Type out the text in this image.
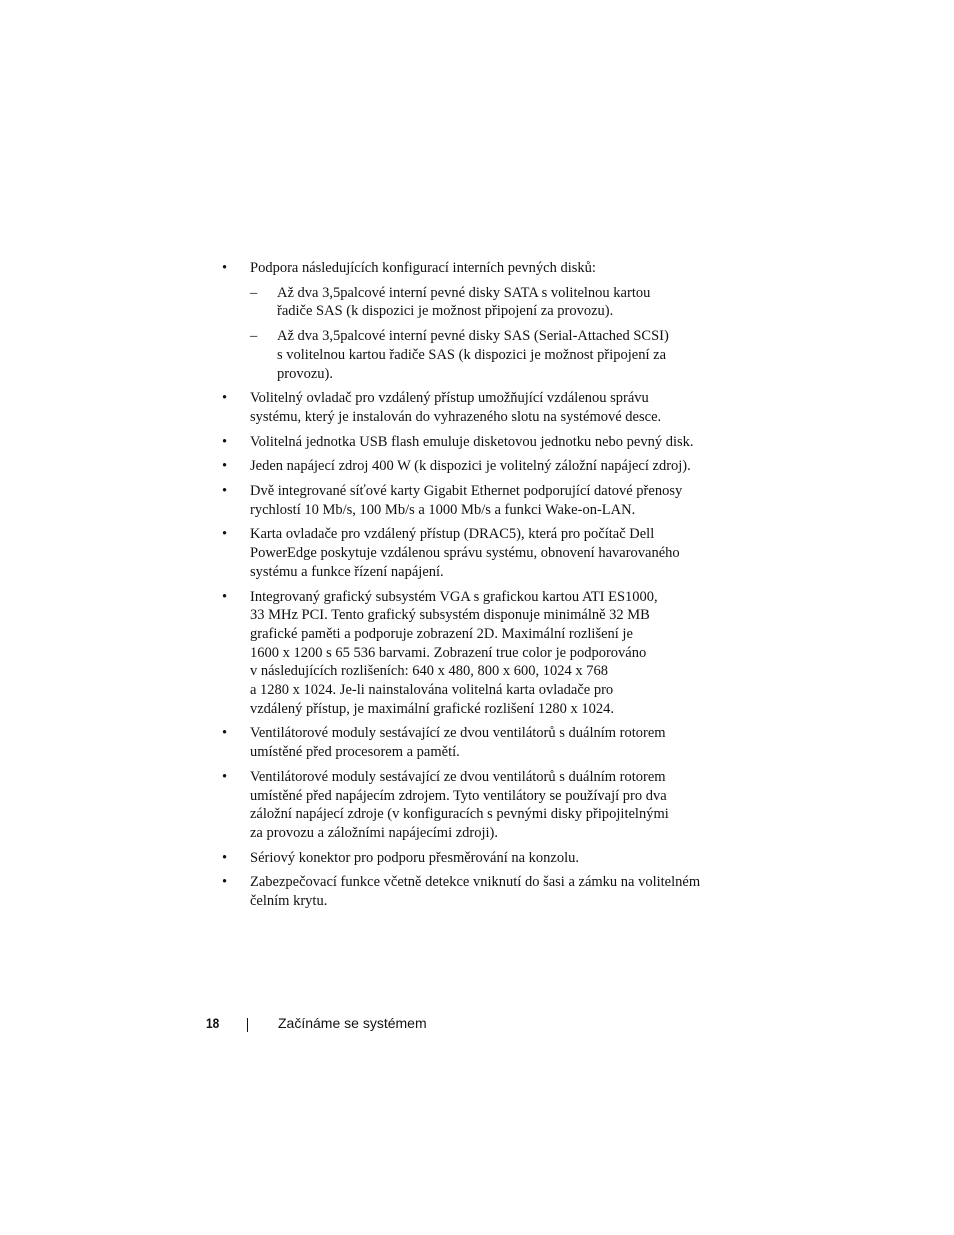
•	Podpora následujících konfigurací interních pevných disků:
– Až dva 3,5palcové interní pevné disky SATA s volitelnou kartou
řadiče SAS (k dispozici je možnost připojení za provozu).
– Až dva 3,5palcové interní pevné disky SAS (Serial-Attached SCSI)
s volitelnou kartou řadiče SAS (k dispozici je možnost připojení za
provozu).
•	Volitelný ovladač pro vzdálený přístup umožňující vzdálenou správu
systému, který je instalován do vyhrazeného slotu na systémové desce.
•	Volitelná jednotka USB flash emuluje disketovou jednotku nebo pevný disk.
•	Jeden napájecí zdroj 400 W (k dispozici je volitelný záložní napájecí zdroj).
•	Dvě integrované síťové karty Gigabit Ethernet podporující datové přenosy
rychlostí 10 Mb/s, 100 Mb/s a 1000 Mb/s a funkci Wake-on-LAN.
•	Karta ovladače pro vzdálený přístup (DRAC5), která pro počítač Dell
PowerEdge poskytuje vzdálenou správu systému, obnovení havarovaného
systému a funkce řízení napájení.
•	Integrovaný grafický subsystém VGA s grafickou kartou ATI ES1000,
33 MHz PCI. Tento grafický subsystém disponuje minimálně 32 MB
grafické paměti a podporuje zobrazení 2D. Maximální rozlišení je
1600 x 1200 s 65 536 barvami. Zobrazení true color je podporováno
v následujících rozlišeních: 640 x 480, 800 x 600, 1024 x 768
a 1280 x 1024. Je-li nainstalována volitelná karta ovladače pro
vzdálený přístup, je maximální grafické rozlišení 1280 x 1024.
•	Ventilátorové moduly sestávající ze dvou ventilátorů s duálním rotorem
umístěné před procesorem a pamětí.
•	Ventilátorové moduly sestávající ze dvou ventilátorů s duálním rotorem
umístěné před napájecím zdrojem. Tyto ventilátory se používají pro dva
záložní napájecí zdroje (v konfiguracích s pevnými disky připojitelnými
za provozu a záložními napájecími zdroji).
•	Sériový konektor pro podporu přesměrování na konzolu.
•	Zabezpečovací funkce včetně detekce vniknutí do šasi a zámku na volitelném
čelním krytu.
18	Začínáme se systémem
